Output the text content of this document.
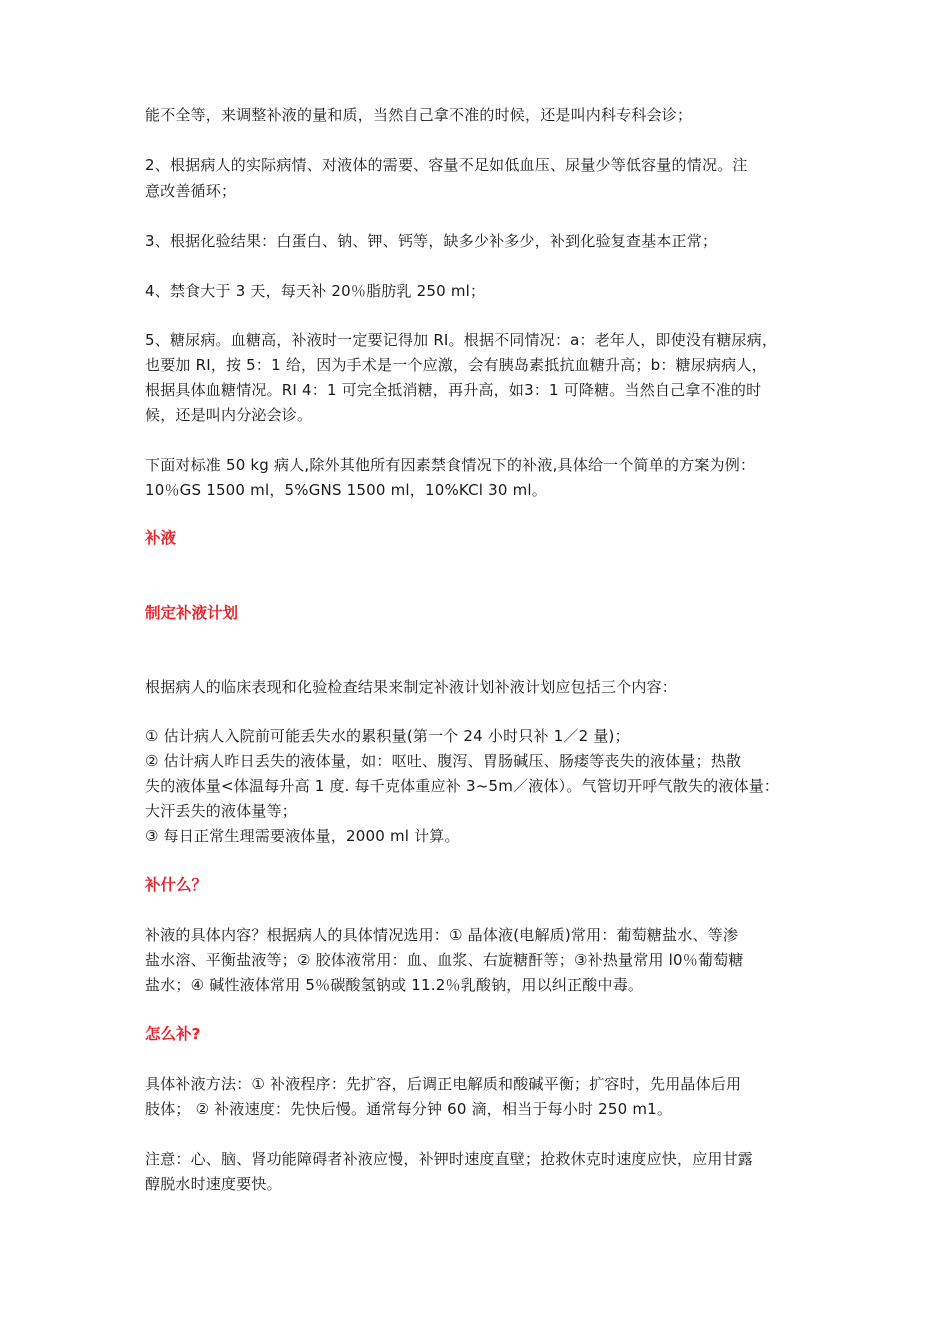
能不全等，来调整补液的量和质，当然自己拿不准的时候，还是叫内科专科会诊；
2、根据病人的实际病情、对液体的需要、容量不足如低血压、尿量少等低容量的情况。注
意改善循环；
3、根据化验结果：白蛋白、钠、钾、钙等，缺多少补多少，补到化验复查基本正常；
4、禁食大于 3 天，每天补 20％脂肪乳 250 ml；
5、糖尿病。血糖高，补液时一定要记得加 RI。根据不同情况：a：老年人，即使没有糖尿病，
也要加 RI，按 5：1 给，因为手术是一个应激，会有胰岛素抵抗血糖升高；b：糖尿病病人，
根据具体血糖情况。RI 4：1 可完全抵消糖，再升高，如3：1 可降糖。当然自己拿不准的时
候，还是叫内分泌会诊。
下面对标准 50 kg 病人,除外其他所有因素禁食情况下的补液,具体给一个简单的方案为例：
10％GS 1500 ml，5%GNS 1500 ml，10%KCl 30 ml。
补液
制定补液计划
根据病人的临床表现和化验检查结果来制定补液计划补液计划应包括三个内容：
① 估计病人入院前可能丢失水的累积量(第一个 24 小时只补 1／2 量)；
② 估计病人昨日丢失的液体量，如：呕吐、腹泻、胃肠碱压、肠瘘等丧失的液体量；热散
失的液体量<体温每升高 1 度. 每千克体重应补 3~5m／液体）。气管切开呼气散失的液体量：
大汗丢失的液体量等；
③ 每日正常生理需要液体量，2000 ml 计算。
补什么？
补液的具体内容？根据病人的具体情况选用：① 晶体液(电解质)常用：葡萄糖盐水、等渗
盐水溶、平衡盐液等；② 胶体液常用：血、血浆、右旋糖酐等；③补热量常用 l0％葡萄糖
盐水；④ 碱性液体常用 5％碳酸氢钠或 11.2％乳酸钠，用以纠正酸中毒。
怎么补?
具体补液方法：① 补液程序：先扩容，后调正电解质和酸碱平衡；扩容时，先用晶体后用
肢体； ② 补液速度：先快后慢。通常每分钟 60 滴，相当于每小时 250 m1。
注意：心、脑、肾功能障碍者补液应慢，补钾时速度直壁；抢救休克时速度应快，应用甘露
醇脱水时速度要快。
